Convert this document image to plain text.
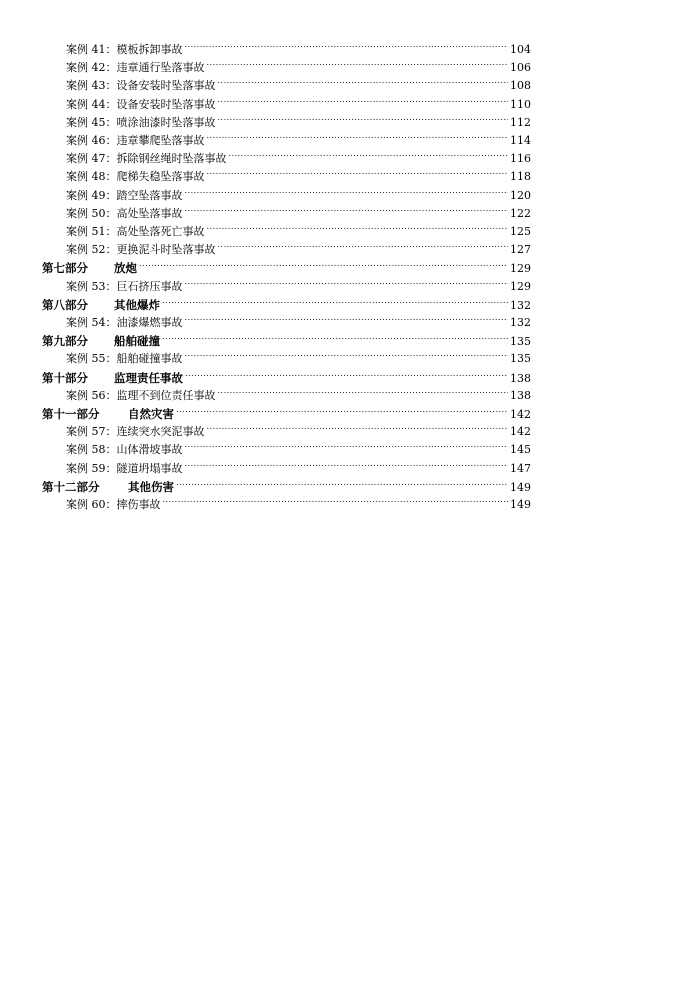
案例 41：模板拆卸事故 .....	104
案例 42：违章通行坠落事故 .....	106
案例 43：设备安装时坠落事故 .....	108
案例 44：设备安装时坠落事故 .....	110
案例 45：喷涂油漆时坠落事故 .....	112
案例 46：违章攀爬坠落事故 .....	114
案例 47：拆除钢丝绳时坠落事故 .....	116
案例 48：爬梯失稳坠落事故 .....	118
案例 49：踏空坠落事故 .....	120
案例 50：高处坠落事故 .....	122
案例 51：高处坠落死亡事故 .....	125
案例 52：更换泥斗时坠落事故 .....	127
第七部分 放炮 .....	129
案例 53：巨石挤压事故 .....	129
第八部分 其他爆炸 .....	132
案例 54：油漆爆燃事故 .....	132
第九部分 船舶碰撞 .....	135
案例 55：船舶碰撞事故 .....	135
第十部分 监理责任事故 .....	138
案例 56：监理不到位责任事故 .....	138
第十一部分 自然灾害 .....	142
案例 57：连续突水突泥事故 .....	142
案例 58：山体滑坡事故 .....	145
案例 59：隧道坍塌事故 .....	147
第十二部分 其他伤害 .....	149
案例 60：摔伤事故 .....	149
